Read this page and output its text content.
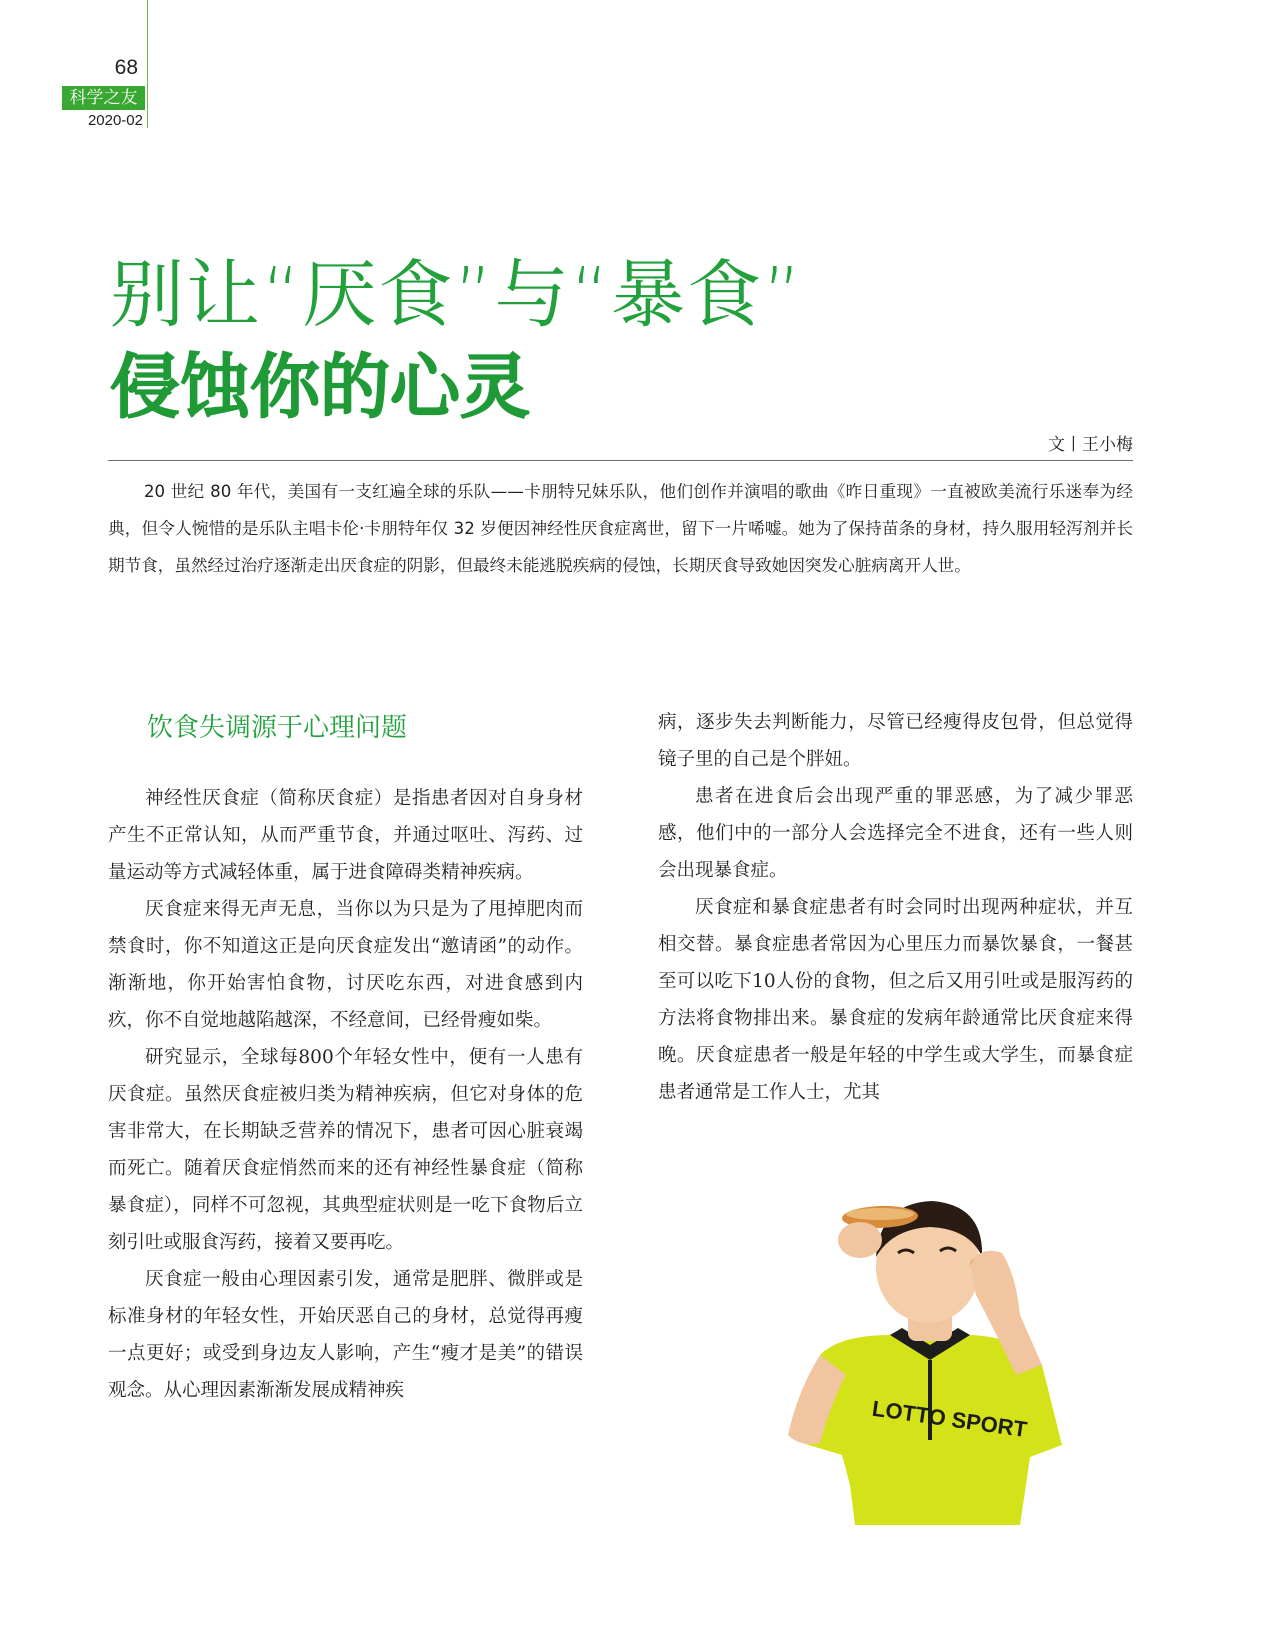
68
科学之友
2020-02
别让“厌食”与“暴食”
侵蚀你的心灵
文丨王小梅

20 世纪 80 年代，美国有一支红遍全球的乐队——卡朋特兄妹乐队，他们创作并演唱的歌曲《昨日重现》一直被欧美流行乐迷奉为经典，但令人惋惜的是乐队主唱卡伦·卡朋特年仅 32 岁便因神经性厌食症离世，留下一片唏嘘。她为了保持苗条的身材，持久服用轻泻剂并长期节食，虽然经过治疗逐渐走出厌食症的阴影，但最终未能逃脱疾病的侵蚀，长期厌食导致她因突发心脏病离开人世。

饮食失调源于心理问题

神经性厌食症（简称厌食症）是指患者因对自身身材产生不正常认知，从而严重节食，并通过呕吐、泻药、过量运动等方式减轻体重，属于进食障碍类精神疾病。

厌食症来得无声无息，当你以为只是为了甩掉肥肉而禁食时，你不知道这正是向厌食症发出“邀请函”的动作。渐渐地，你开始害怕食物，讨厌吃东西，对进食感到内疚，你不自觉地越陷越深，不经意间，已经骨瘦如柴。

研究显示，全球每800个年轻女性中，便有一人患有厌食症。虽然厌食症被归类为精神疾病，但它对身体的危害非常大，在长期缺乏营养的情况下，患者可因心脏衰竭而死亡。随着厌食症悄然而来的还有神经性暴食症（简称暴食症），同样不可忽视，其典型症状则是一吃下食物后立刻引吐或服食泻药，接着又要再吃。

厌食症一般由心理因素引发，通常是肥胖、微胖或是标准身材的年轻女性，开始厌恶自己的身材，总觉得再瘦一点更好；或受到身边友人影响，产生“瘦才是美”的错误观念。从心理因素渐渐发展成精神疾

病，逐步失去判断能力，尽管已经瘦得皮包骨，但总觉得镜子里的自己是个胖妞。

患者在进食后会出现严重的罪恶感，为了减少罪恶感，他们中的一部分人会选择完全不进食，还有一些人则会出现暴食症。

厌食症和暴食症患者有时会同时出现两种症状，并互相交替。暴食症患者常因为心里压力而暴饮暴食，一餐甚至可以吃下10人份的食物，但之后又用引吐或是服泻药的方法将食物排出来。暴食症的发病年龄通常比厌食症来得晚。厌食症患者一般是年轻的中学生或大学生，而暴食症患者通常是工作人士，尤其

LOTTO SPORT
